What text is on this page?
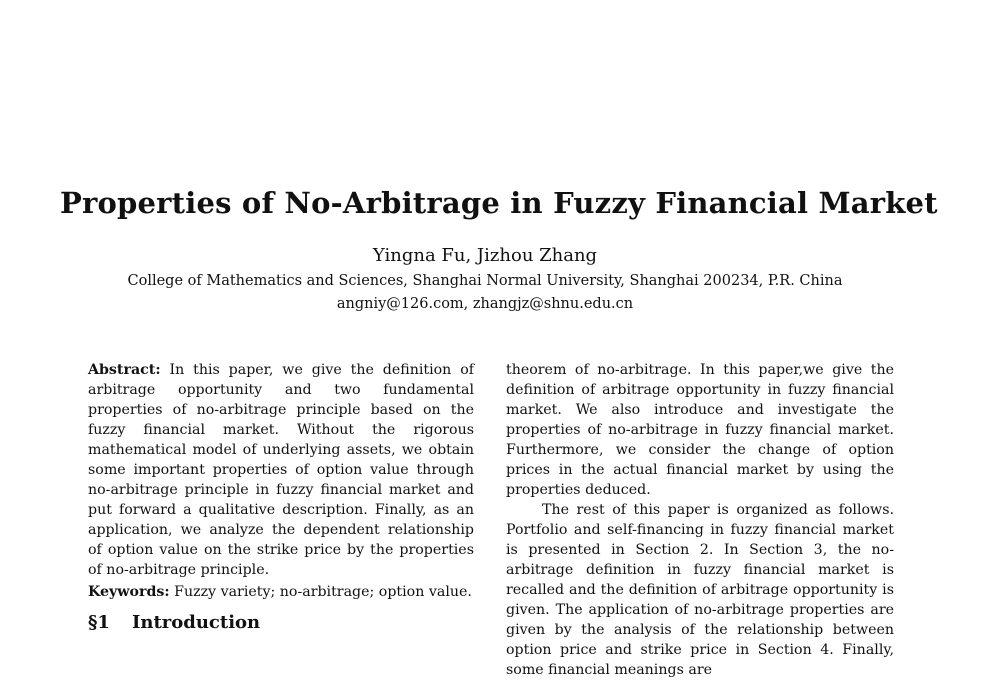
Properties of No-Arbitrage in Fuzzy Financial Market
Yingna Fu, Jizhou Zhang
College of Mathematics and Sciences, Shanghai Normal University, Shanghai 200234, P.R. China
angniy@126.com, zhangjz@shnu.edu.cn

Abstract: In this paper, we give the definition of arbitrage opportunity and two fundamental properties of no-arbitrage principle based on the fuzzy financial market. Without the rigorous mathematical model of underlying assets, we obtain some important properties of option value through no-arbitrage principle in fuzzy financial market and put forward a qualitative description. Finally, as an application, we analyze the dependent relationship of option value on the strike price by the properties of no-arbitrage principle.

Keywords: Fuzzy variety; no-arbitrage; option value.

§1 Introduction

theorem of no-arbitrage. In this paper,we give the definition of arbitrage opportunity in fuzzy financial market. We also introduce and investigate the properties of no-arbitrage in fuzzy financial market. Furthermore, we consider the change of option prices in the actual financial market by using the properties deduced.

The rest of this paper is organized as follows. Portfolio and self-financing in fuzzy financial market is presented in Section 2. In Section 3, the no-arbitrage definition in fuzzy financial market is recalled and the definition of arbitrage opportunity is given. The application of no-arbitrage properties are given by the analysis of the relationship between option price and strike price in Section 4. Finally, some financial meanings are
